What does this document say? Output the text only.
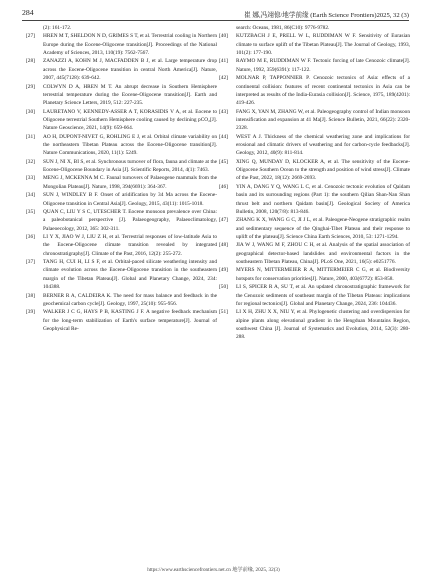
284	崔 娜,冯翊倞/地学前缘 (Earth Science Frontiers)2025, 32 (3)
(2): 161-172.
[27]	HREN M T, SHELDON N D, GRIMES S T, et al. Terrestrial cooling in Northern Europe during the Eocene-Oligocene transition[J]. Proceedings of the National Academy of Sciences, 2013, 110(19): 7562-7567.
[28]	ZANAZZI A, KOHN M J, MACFADDEN B J, et al. Large temperature drop across the Eocene-Oligocene transition in central North America[J]. Nature, 2007, 445(7128): 639-642.
[29]	COLWYN D A, HREN M T. An abrupt decrease in Southern Hemisphere terrestrial temperature during the Eocene-Oligocene transition[J]. Earth and Planetary Science Letters, 2019, 512: 227-235.
[30]	LAURETANO V, KENNEDY-ASSER A T, KORASIDIS V A, et al. Eocene to Oligocene terrestrial Southern Hemisphere cooling caused by declining pCO₂[J]. Nature Geoscience, 2021, 14(9): 659-664.
[31]	AO H, DUPONT-NIVET G, ROHLING E J, et al. Orbital climate variability on the northeastern Tibetan Plateau across the Eocene-Oligocene transition[J]. Nature Communications, 2020, 11(1): 5249.
[32]	SUN J, NI X, BI S, et al. Synchronous turnover of flora, fauna and climate at the Eocene-Oligocene Boundary in Asia [J]. Scientific Reports, 2014, 4(1): 7463.
[33]	MENG J, MCKENNA M C. Faunal turnovers of Palaeogene mammals from the Mongolian Plateau[J]. Nature, 1998, 394(6691): 364-367.
[34]	SUN J, WINDLEY B F. Onset of aridification by 34 Ma across the Eocene-Oligocene transition in Central Asia[J]. Geology, 2015, 43(11): 1015-1018.
[35]	QUAN C, LIU Y S C, UTESCHER T. Eocene monsoon prevalence over China: a paleobotanical perspective [J]. Palaeogeography, Palaeoclimatology, Palaeoecology, 2012, 365: 302-311.
[36]	LI Y X, JIAO W J, LIU Z H, et al. Terrestrial responses of low-latitude Asia to the Eocene-Oligocene climate transition revealed by integrated chronostratigraphy[J]. Climate of the Past, 2016, 12(2): 255-272.
[37]	TANG H, CUI H, LI S F, et al. Orbital-paced silicate weathering intensity and climate evolution across the Eocene-Oligocene transition in the southeastern margin of the Tibetan Plateau[J]. Global and Planetary Change, 2024, 234: 104388.
[38]	BERNER R A, CALDEIRA K. The need for mass balance and feedback in the geochemical carbon cycle[J]. Geology, 1997, 25(10): 955-956.
[39]	WALKER J C G, HAYS P B, KASTING J F. A negative feedback mechanism for the long-term stabilization of Earth's surface temperature[J]. Journal of Geophysical Re-
search: Oceans, 1981, 86(C10): 9776-9782.
[40]	KUTZBACH J E, PRELL W L, RUDDIMAN W F. Sensitivity of Eurasian climate to surface uplift of the Tibetan Plateau[J]. The Journal of Geology, 1993, 101(2): 177-190.
[41]	RAYMO M E, RUDDIMAN W F. Tectonic forcing of late Cenozoic climate[J]. Nature, 1992, 359(6391): 117-122.
[42]	MOLNAR P, TAPPONNIER P. Cenozoic tectonics of Asia: effects of a continental collision: features of recent continental tectonics in Asia can be interpreted as results of the India-Eurasia collision[J]. Science, 1975, 189(4201): 419-426.
[43]	FANG X, YAN M, ZHANG W, et al. Paleogeography control of Indian monsoon intensification and expansion at 41 Ma[J]. Science Bulletin, 2021, 66(22): 2320-2328.
[44]	WEST A J. Thickness of the chemical weathering zone and implications for erosional and climatic drivers of weathering and for carbon-cycle feedbacks[J]. Geology, 2012, 40(9): 811-814.
[45]	XING Q, MUNDAY D, KLOCKER A, et al. The sensitivity of the Eocene-Oligocene Southern Ocean to the strength and position of wind stress[J]. Climate of the Past, 2022, 18(12): 2669-2693.
[46]	YIN A, DANG Y Q, WANG L C, et al. Cenozoic tectonic evolution of Qaidam basin and its surrounding regions (Part 1): the southern Qilian Shan-Nan Shan thrust belt and northern Qaidam basin[J]. Geological Society of America Bulletin, 2008, 120(7/8): 813-846.
[47]	ZHANG K X, WANG G C, JI J L, et al. Paleogene-Neogene stratigraphic realm and sedimentary sequence of the Qinghai-Tibet Plateau and their response to uplift of the plateau[J]. Science China Earth Sciences, 2010, 53: 1271-1294.
[48]	JIA W J, WANG M F, ZHOU C H, et al. Analysis of the spatial association of geographical detector-based landslides and environmental factors in the southeastern Tibetan Plateau, China[J]. PLoS One, 2021, 16(5): e0251776.
[49]	MYERS N, MITTERMEIER R A, MITTERMEIER C G, et al. Biodiversity hotspots for conservation priorities[J]. Nature, 2000, 403(6772): 853-858.
[50]	LI S, SPICER R A, SU T, et al. An updated chronostratigraphic framework for the Cenozoic sediments of southeast margin of the Tibetan Plateau: implications for regional tectonics[J]. Global and Planetary Change, 2024, 236: 104436.
[51]	LI X H, ZHU X X, NIU Y, et al. Phylogenetic clustering and overdispersion for alpine plants along elevational gradient in the Hengduan Mountains Region, southwest China [J]. Journal of Systematics and Evolution, 2014, 52(3): 280-288.
https://www.earthsciencefrontiers.net.cn 地学前缘, 2025, 32(3)
